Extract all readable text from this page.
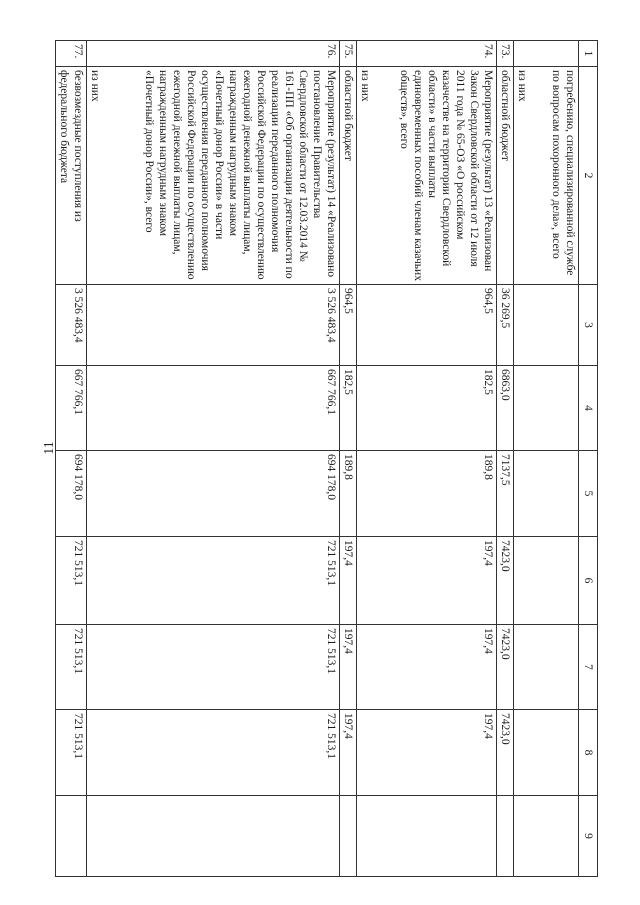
11
1	2	3	4	5	6	7	8	9
	погребению, специализированной службе по вопросам похоронного дела», всего							
	из них							
73.	областной бюджет	36 269,5	6863,0	7137,5	7423,0	7423,0	7423,0	
74.	Мероприятие (результат) 13 «Реализован Закон Свердловской области от 12 июля 2011 года № 65-ОЗ «О российском казачестве на территории Свердловской области» в части выплаты единовременных пособий членам казачьих обществ», всего	964,5	182,5	189,8	197,4	197,4	197,4	
	из них							
75.	областной бюджет	964,5	182,5	189,8	197,4	197,4	197,4	
76.	Мероприятие (результат) 14 «Реализовано постановление Правительства Свердловской области от 12.03.2014 № 161-ПП «Об организации деятельности по реализации переданного полномочия Российской Федерации по осуществлению ежегодной денежной выплаты лицам, награжденным нагрудным знаком «Почетный донор России» в части осуществления переданного полномочия Российской Федерации по осуществлению ежегодной денежной выплаты лицам, награжденным нагрудным знаком «Почетный донор России», всего	3 526 483,4	667 766,1	694 178,0	721 513,1	721 513,1	721 513,1	
	из них							
77.	безвозмездные поступления из федерального бюджета	3 526 483,4	667 766,1	694 178,0	721 513,1	721 513,1	721 513,1	
